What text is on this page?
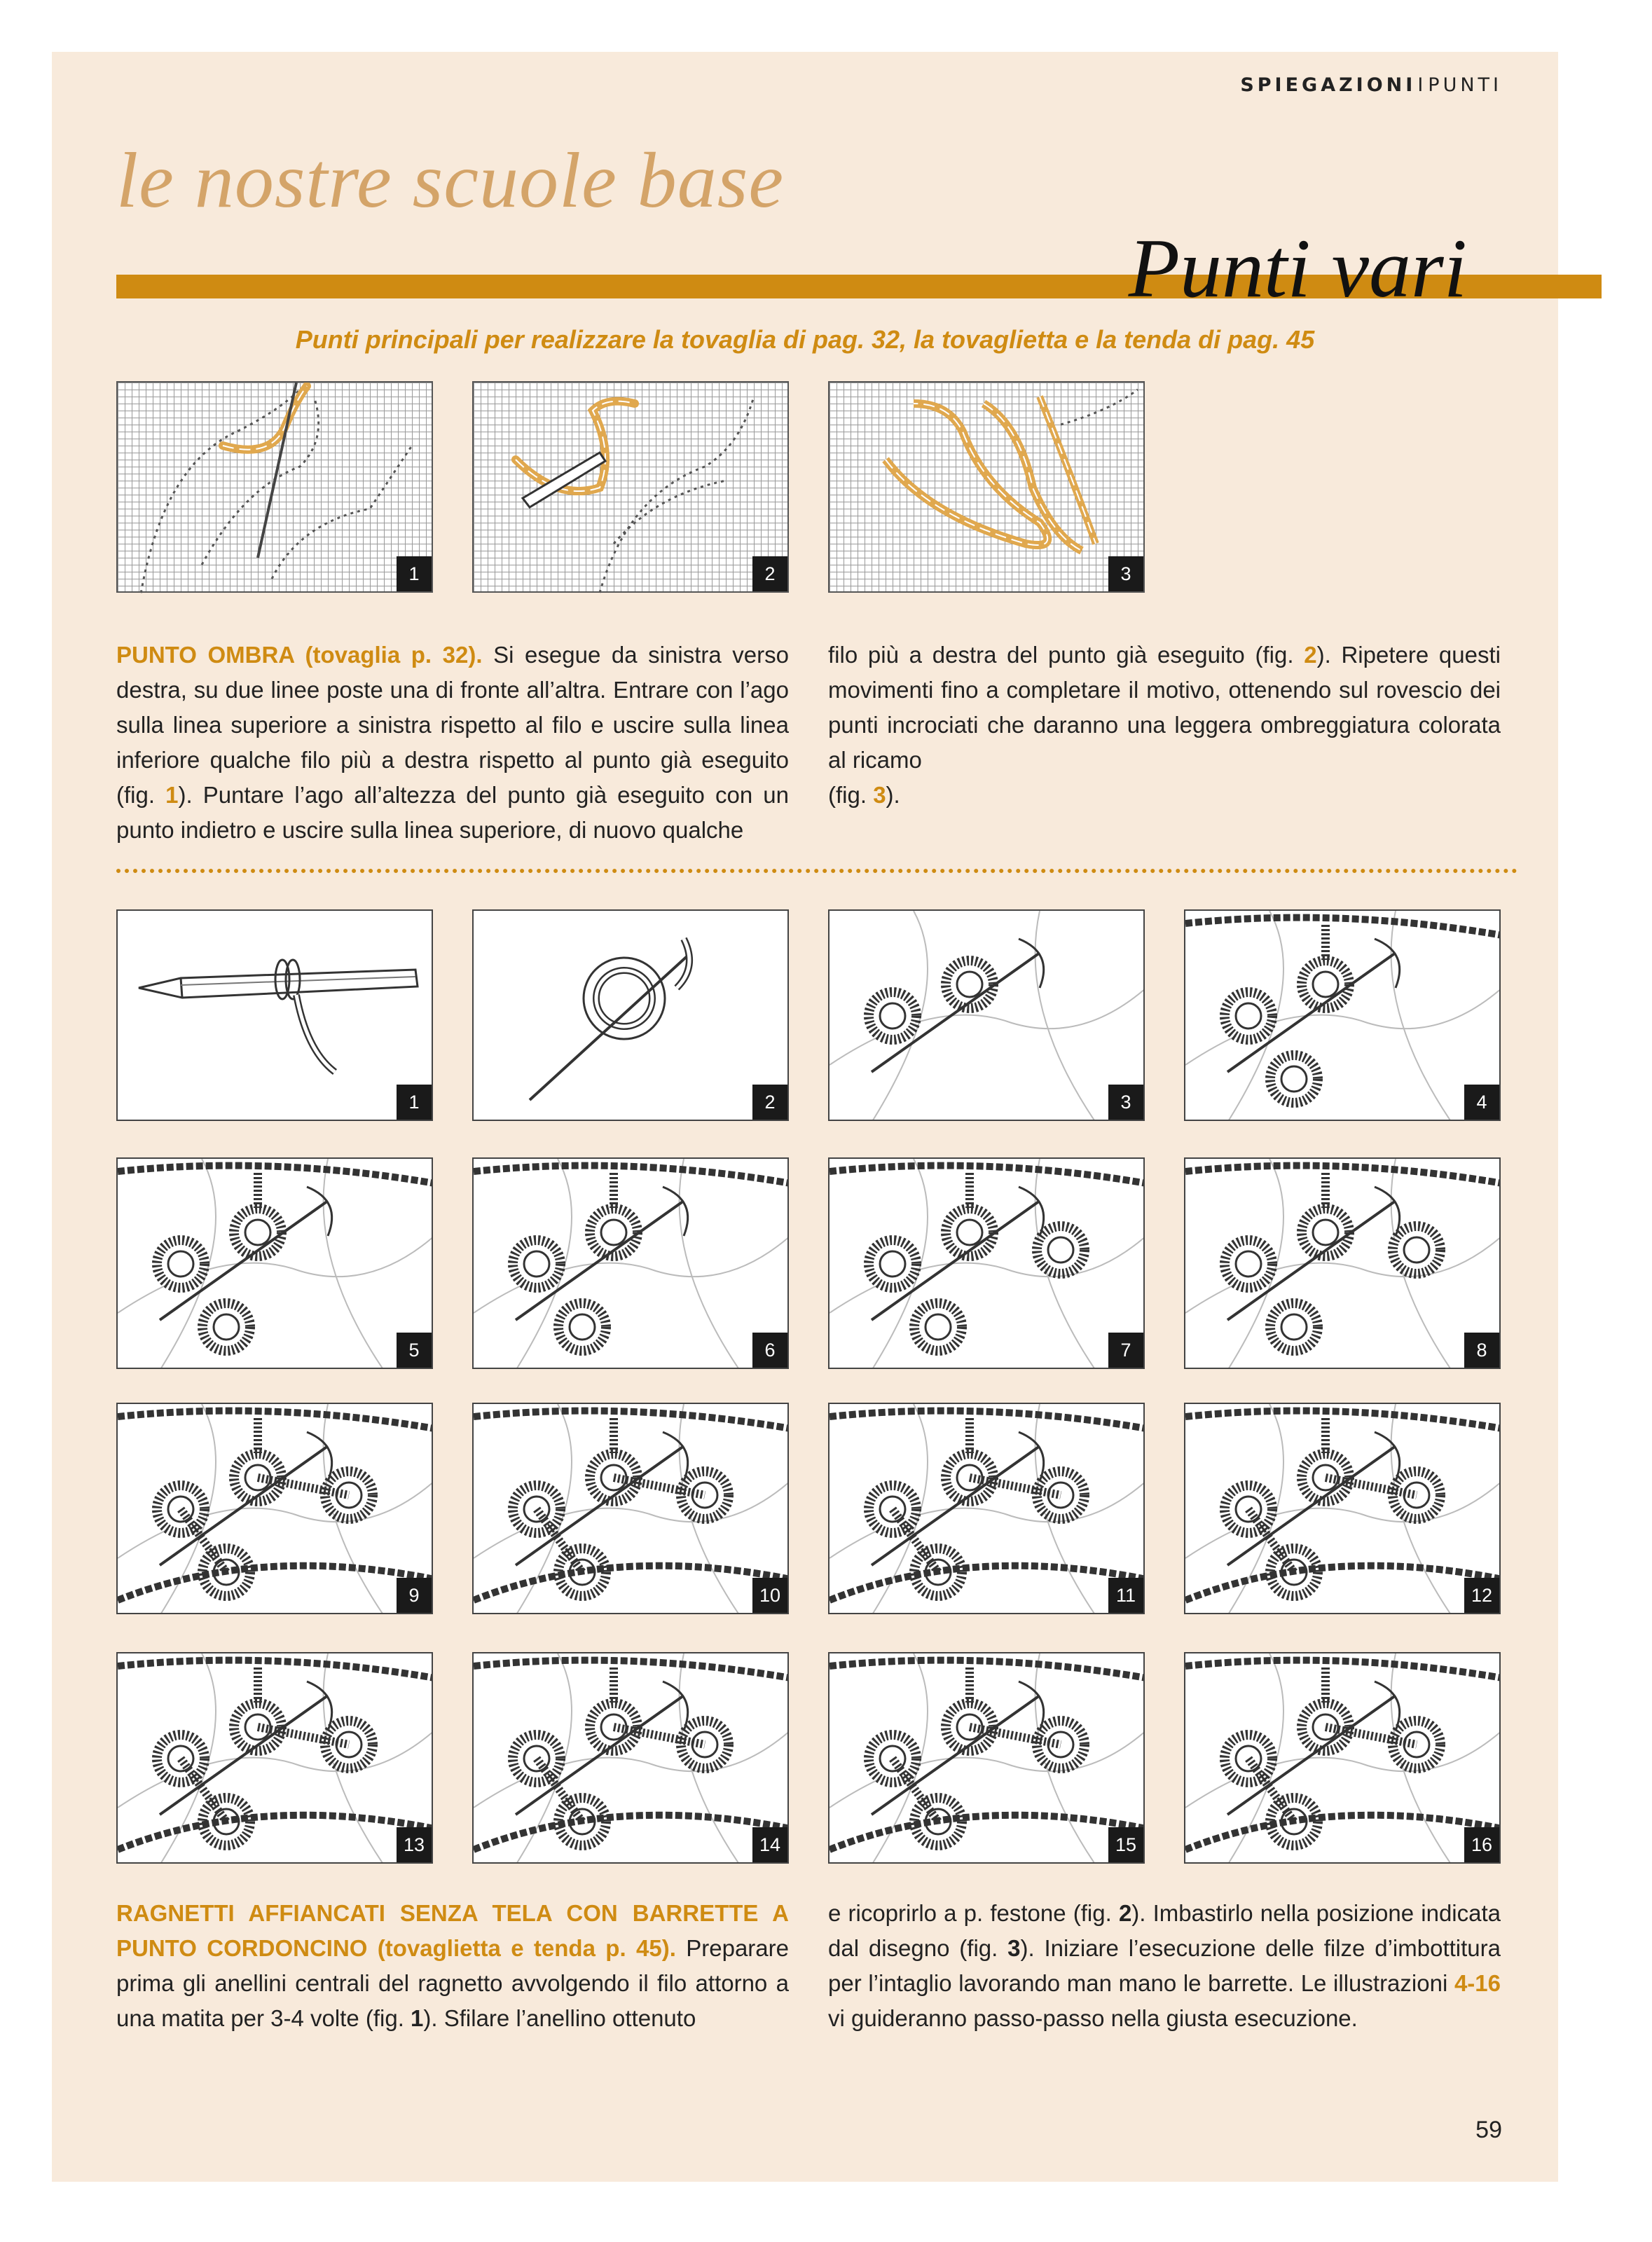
SPIEGAZIONIIPUNTI
le nostre scuole base
Punti vari
Punti principali per realizzare la tovaglia di pag. 32, la tovaglietta e la tenda di pag. 45
1	2	3
PUNTO OMBRA (tovaglia p. 32). Si esegue da sinistra verso destra, su due linee poste una di fronte all’altra. Entrare con l’ago sulla linea superiore a sinistra rispetto al filo e uscire sulla linea inferiore qualche filo più a destra rispetto al punto già eseguito (fig. 1). Puntare l’ago all’altezza del punto già eseguito con un punto indietro e uscire sulla linea superiore, di nuovo qualche
filo più a destra del punto già eseguito (fig. 2). Ripetere questi movimenti fino a completare il motivo, ottenendo sul rovescio dei punti incrociati che daranno una leggera ombreggiatura colorata al ricamo
(fig. 3).
1	2	3	4
5	6	7	8
9	10	11	12
13	14	15	16
RAGNETTI AFFIANCATI SENZA TELA CON BARRETTE A PUNTO CORDONCINO (tovaglietta e tenda p. 45). Preparare prima gli anellini centrali del ragnetto avvolgendo il filo attorno a una matita per 3-4 volte (fig. 1). Sfilare l’anellino ottenuto
e ricoprirlo a p. festone (fig. 2). Imbastirlo nella posizione indicata dal disegno (fig. 3). Iniziare l’esecuzione delle filze d’imbottitura per l’intaglio lavorando man mano le barrette. Le illustrazioni 4-16 vi guideranno passo-passo nella giusta esecuzione.
59
